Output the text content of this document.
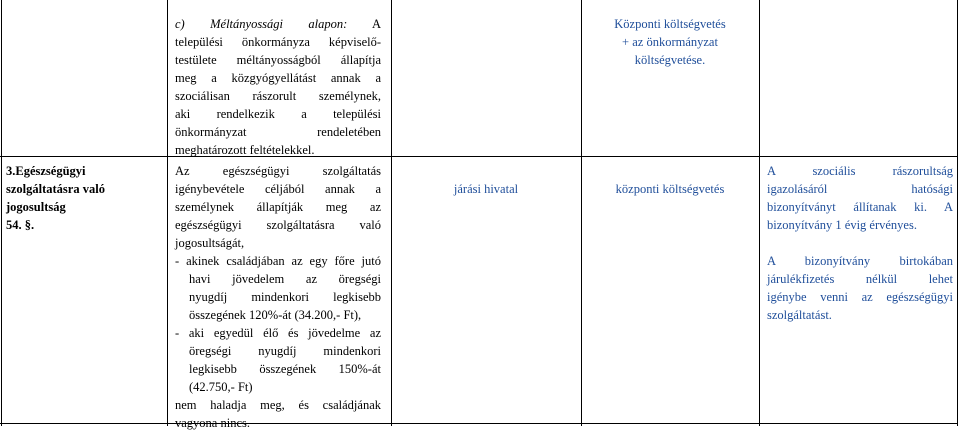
c) Méltányossági alapon: A
települési önkormányza képviselő-
testülete méltányosságból állapítja
meg a közgyógyellátást annak a
szociálisan rászorult személynek,
aki rendelkezik a települési
önkormányzat rendeletében
meghatározott feltételekkel.
Központi költségvetés
+ az önkormányzat
költségvetése.
3.Egészségügyi
szolgáltatásra való
jogosultság
54. §.
Az egészségügyi szolgáltatás
igénybevétele céljából annak a
személynek állapítják meg az
egészségügyi szolgáltatásra való
jogosultságát,
- akinek családjában az egy főre jutó
havi jövedelem az öregségi
nyugdíj mindenkori legkisebb
összegének 120%-át (34.200,- Ft),
- aki egyedül élő és jövedelme az
öregségi nyugdíj mindenkori
legkisebb összegének 150%-át
(42.750,- Ft)
nem haladja meg, és családjának
vagyona nincs.
járási hivatal	központi költségvetés
A szociális rászorultság
igazolásáról hatósági
bizonyítványt állítanak ki. A
bizonyítvány 1 évig érvényes.
A bizonyítvány birtokában
járulékfizetés nélkül lehet
igénybe venni az egészségügyi
szolgáltatást.
